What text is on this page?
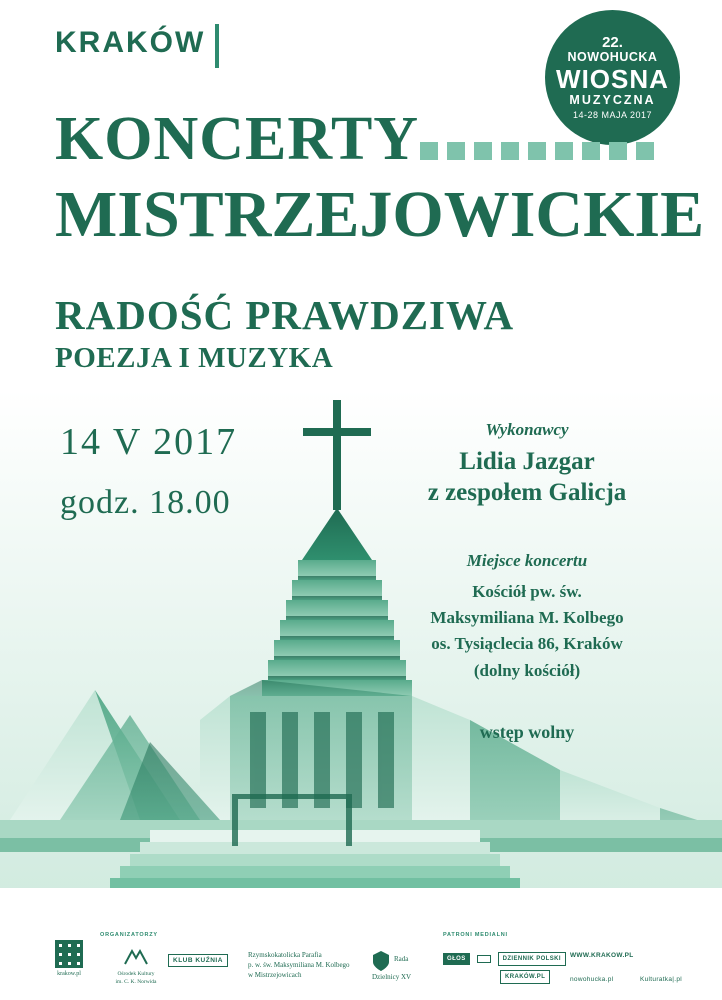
KRAKÓW	22.
NOWOHUCKA
WIOSNA
MUZYCZNA
14-28 MAJA 2017
KONCERTY
MISTRZEJOWICKIE
RADOŚĆ PRAWDZIWA
POEZJA I MUZYKA
14 V 2017
godz. 18.00
Wykonawcy
Lidia Jazgar
z zespołem Galicja
Miejsce koncertu
Kościół pw. św.
Maksymiliana M. Kolbego
os. Tysiąclecia 86, Kraków
(dolny kościół)
wstęp wolny
krakow.pl
ORGANIZATORZY
Ośrodek Kultury
im. C. K. Norwida
KLUB KUŹNIA
Rzymskokatolicka Parafia
p. w. św. Maksymiliana M. Kolbego
w Mistrzejowicach
Rada
Dzielnicy XV
PATRONI MEDIALNI
GŁOS	DZIENNIK POLSKI
KRAKÓW.PL
WWW.KRAKOW.PL
nowohucka.pl	Kulturatka|.pl
